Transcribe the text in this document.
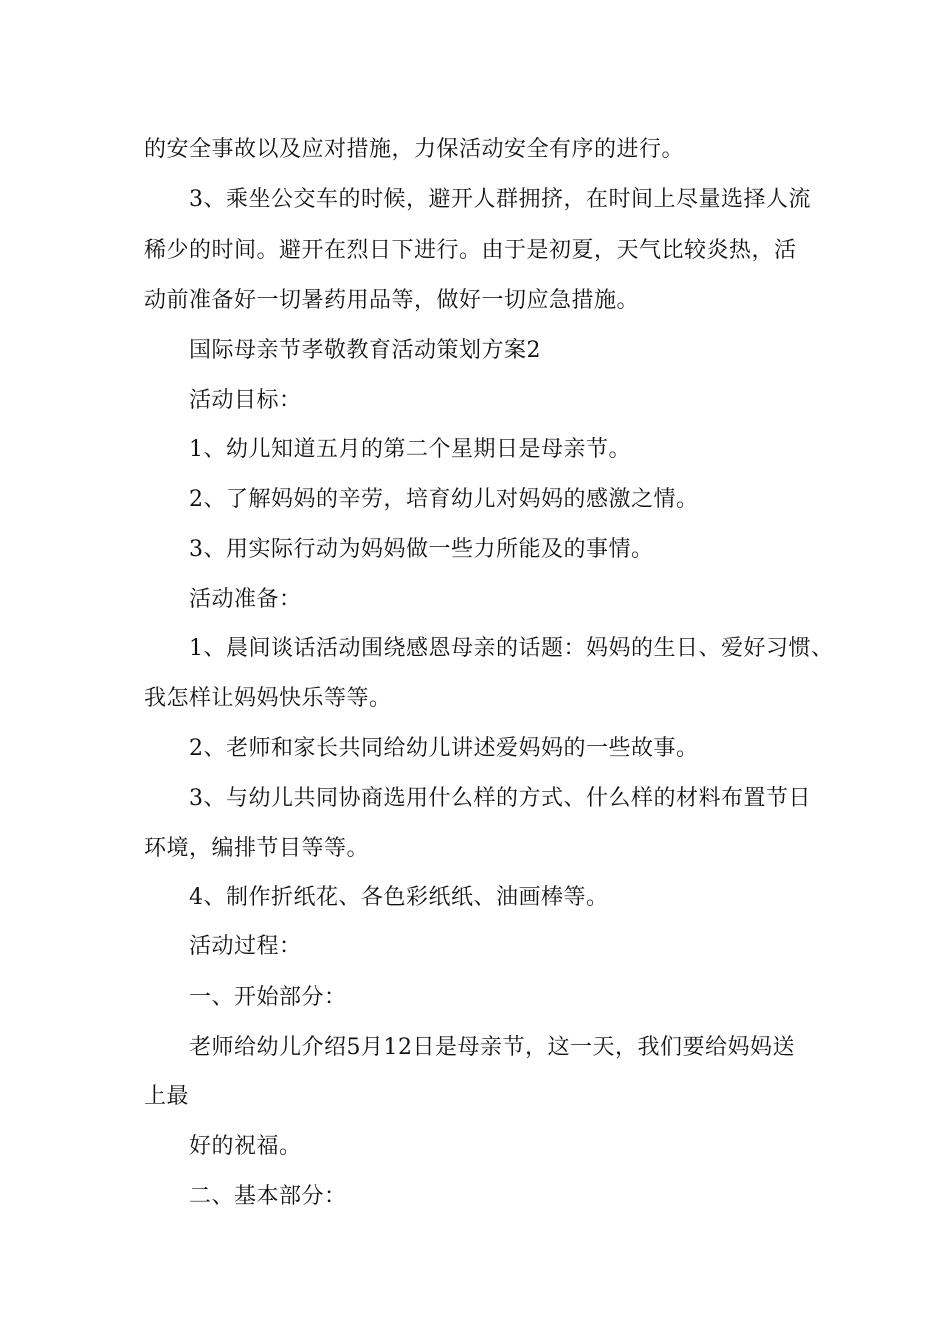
的安全事故以及应对措施，力保活动安全有序的进行。
3、乘坐公交车的时候，避开人群拥挤，在时间上尽量选择人流
稀少的时间。避开在烈日下进行。由于是初夏，天气比较炎热，活
动前准备好一切暑药用品等，做好一切应急措施。
国际母亲节孝敬教育活动策划方案2
活动目标：
1、幼儿知道五月的第二个星期日是母亲节。
2、了解妈妈的辛劳，培育幼儿对妈妈的感激之情。
3、用实际行动为妈妈做一些力所能及的事情。
活动准备：
1、晨间谈话活动围绕感恩母亲的话题：妈妈的生日、爱好习惯、
我怎样让妈妈快乐等等。
2、老师和家长共同给幼儿讲述爱妈妈的一些故事。
3、与幼儿共同协商选用什么样的方式、什么样的材料布置节日
环境，编排节目等等。
4、制作折纸花、各色彩纸纸、油画棒等。
活动过程：
一、开始部分：
老师给幼儿介绍5月12日是母亲节，这一天，我们要给妈妈送
上最
好的祝福。
二、基本部分：
